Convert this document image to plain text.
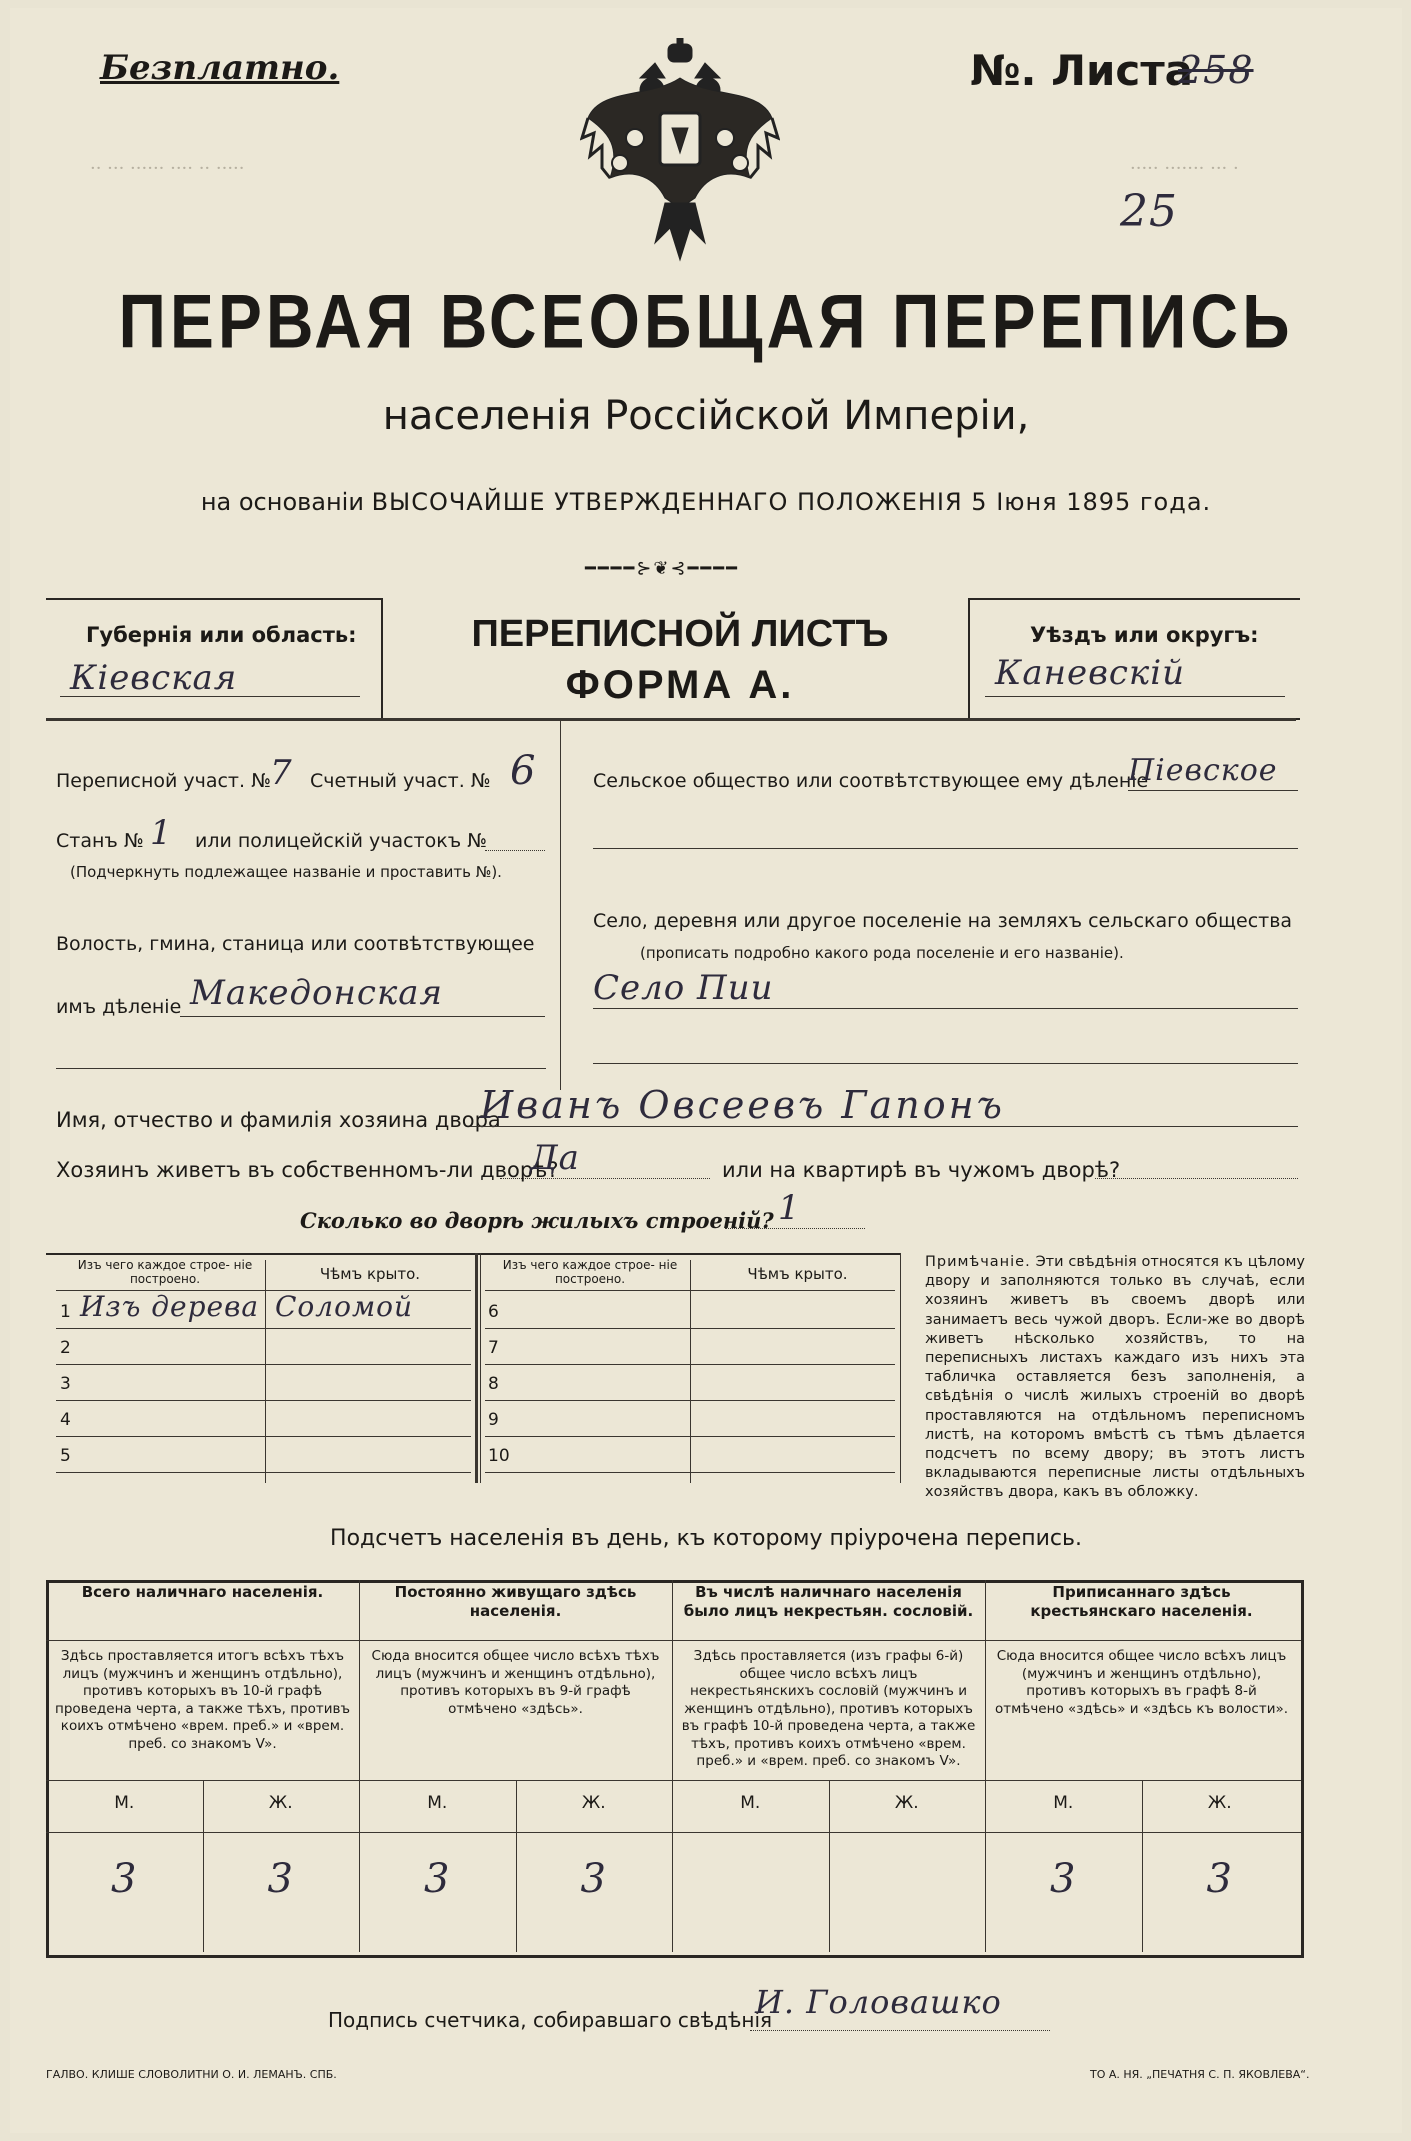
·· ··· ······ ···· ·· ·····	····· ······· ··· ·
Безплатно.	№. Листа
258
25
ПЕРВАЯ ВСЕОБЩАЯ ПЕРЕПИСЬ
населенія Россійской Имперіи,
на основаніи ВЫСОЧАЙШЕ УТВЕРЖДЕННАГО ПОЛОЖЕНІЯ 5 Іюня 1895 года.
━━━━⊱❦⊰━━━━
Губернія или область:
Кіевская
ПЕРЕПИСНОЙ ЛИСТЪ
ФОРМА А.
Уѣздъ или округъ:
Каневскій
Переписной участ. № 7 Счетный участ. № 6
Станъ № 1 или полицейскій участокъ №
(Подчеркнуть подлежащее названіе и проставить №).
Волость, гмина, станица или соотвѣтствующее
имъ дѣленіе Македонская
Сельское общество или соотвѣтствующее ему дѣленіе
Пiевское
Село, деревня или другое поселеніе на земляхъ сельскаго общества
(прописать подробно какого рода поселеніе и его названіе).
Село Пии
Имя, отчество и фамилія хозяина двора
Иванъ Овсеевъ Гапонъ
Хозяинъ живетъ въ собственномъ-ли дворѣ?
Да	или на квартирѣ въ чужомъ дворѣ?
Сколько во дворѣ жилыхъ строеній? 1
Изъ чего каждое строе- ніе построено.	Чѣмъ крыто.	Изъ чего каждое строе- ніе построено.	Чѣмъ крыто.
Примѣчаніе. Эти свѣдѣнія относятся къ цѣлому двору и заполняются только въ случаѣ, если хозяинъ живетъ въ своемъ дворѣ или занимаетъ весь чужой дворъ. Если-же во дворѣ живетъ нѣсколько хозяйствъ, то на переписныхъ листахъ каждаго изъ нихъ эта табличка оставляется безъ заполненія, а свѣдѣнія о числѣ жилыхъ строеній во дворѣ проставляются на отдѣльномъ переписномъ листѣ, на которомъ вмѣстѣ съ тѣмъ дѣлается подсчетъ по всему двору; въ этотъ листъ вкладываются переписные листы отдѣльныхъ хозяйствъ двора, какъ въ обложку.
Подсчетъ населенія въ день, къ которому пріурочена перепись.
Подпись счетчика, собиравшаго свѣдѣнія
И. Головашко
ГАЛВО. КЛИШЕ СЛОВОЛИТНИ О. И. ЛЕМАНЪ. СПБ.	ТО А. НЯ. „ПЕЧАТНЯ С. П. ЯКОВЛЕВА“.
1 Изъ дерева Соломой
2
3
4
5
6
7
8
9
10
Всего наличнаго населенія.
Здѣсь проставляется итогъ всѣхъ тѣхъ лицъ (мужчинъ и женщинъ отдѣльно), противъ которыхъ въ 10-й графѣ проведена черта, а также тѣхъ, противъ коихъ отмѣчено «врем. преб.» и «врем. преб. со знакомъ V».
М.	Ж.
3	3
Постоянно живущаго здѣсь населенія.
Сюда вносится общее число всѣхъ тѣхъ лицъ (мужчинъ и женщинъ отдѣльно), противъ которыхъ въ 9-й графѣ отмѣчено «здѣсь».
М.	Ж.
3	3
Въ числѣ наличнаго населенія было лицъ некрестьян. сословій.
Здѣсь проставляется (изъ графы 6-й) общее число всѣхъ лицъ некрестьянскихъ сословій (мужчинъ и женщинъ отдѣльно), противъ которыхъ въ графѣ 10-й проведена черта, а также тѣхъ, противъ коихъ отмѣчено «врем. преб.» и «врем. преб. со знакомъ V».
М.	Ж.
Приписаннаго здѣсь крестьянскаго населенія.
Сюда вносится общее число всѣхъ лицъ (мужчинъ и женщинъ отдѣльно), противъ которыхъ въ графѣ 8-й отмѣчено «здѣсь» и «здѣсь къ волости».
М.	Ж.
3	3
